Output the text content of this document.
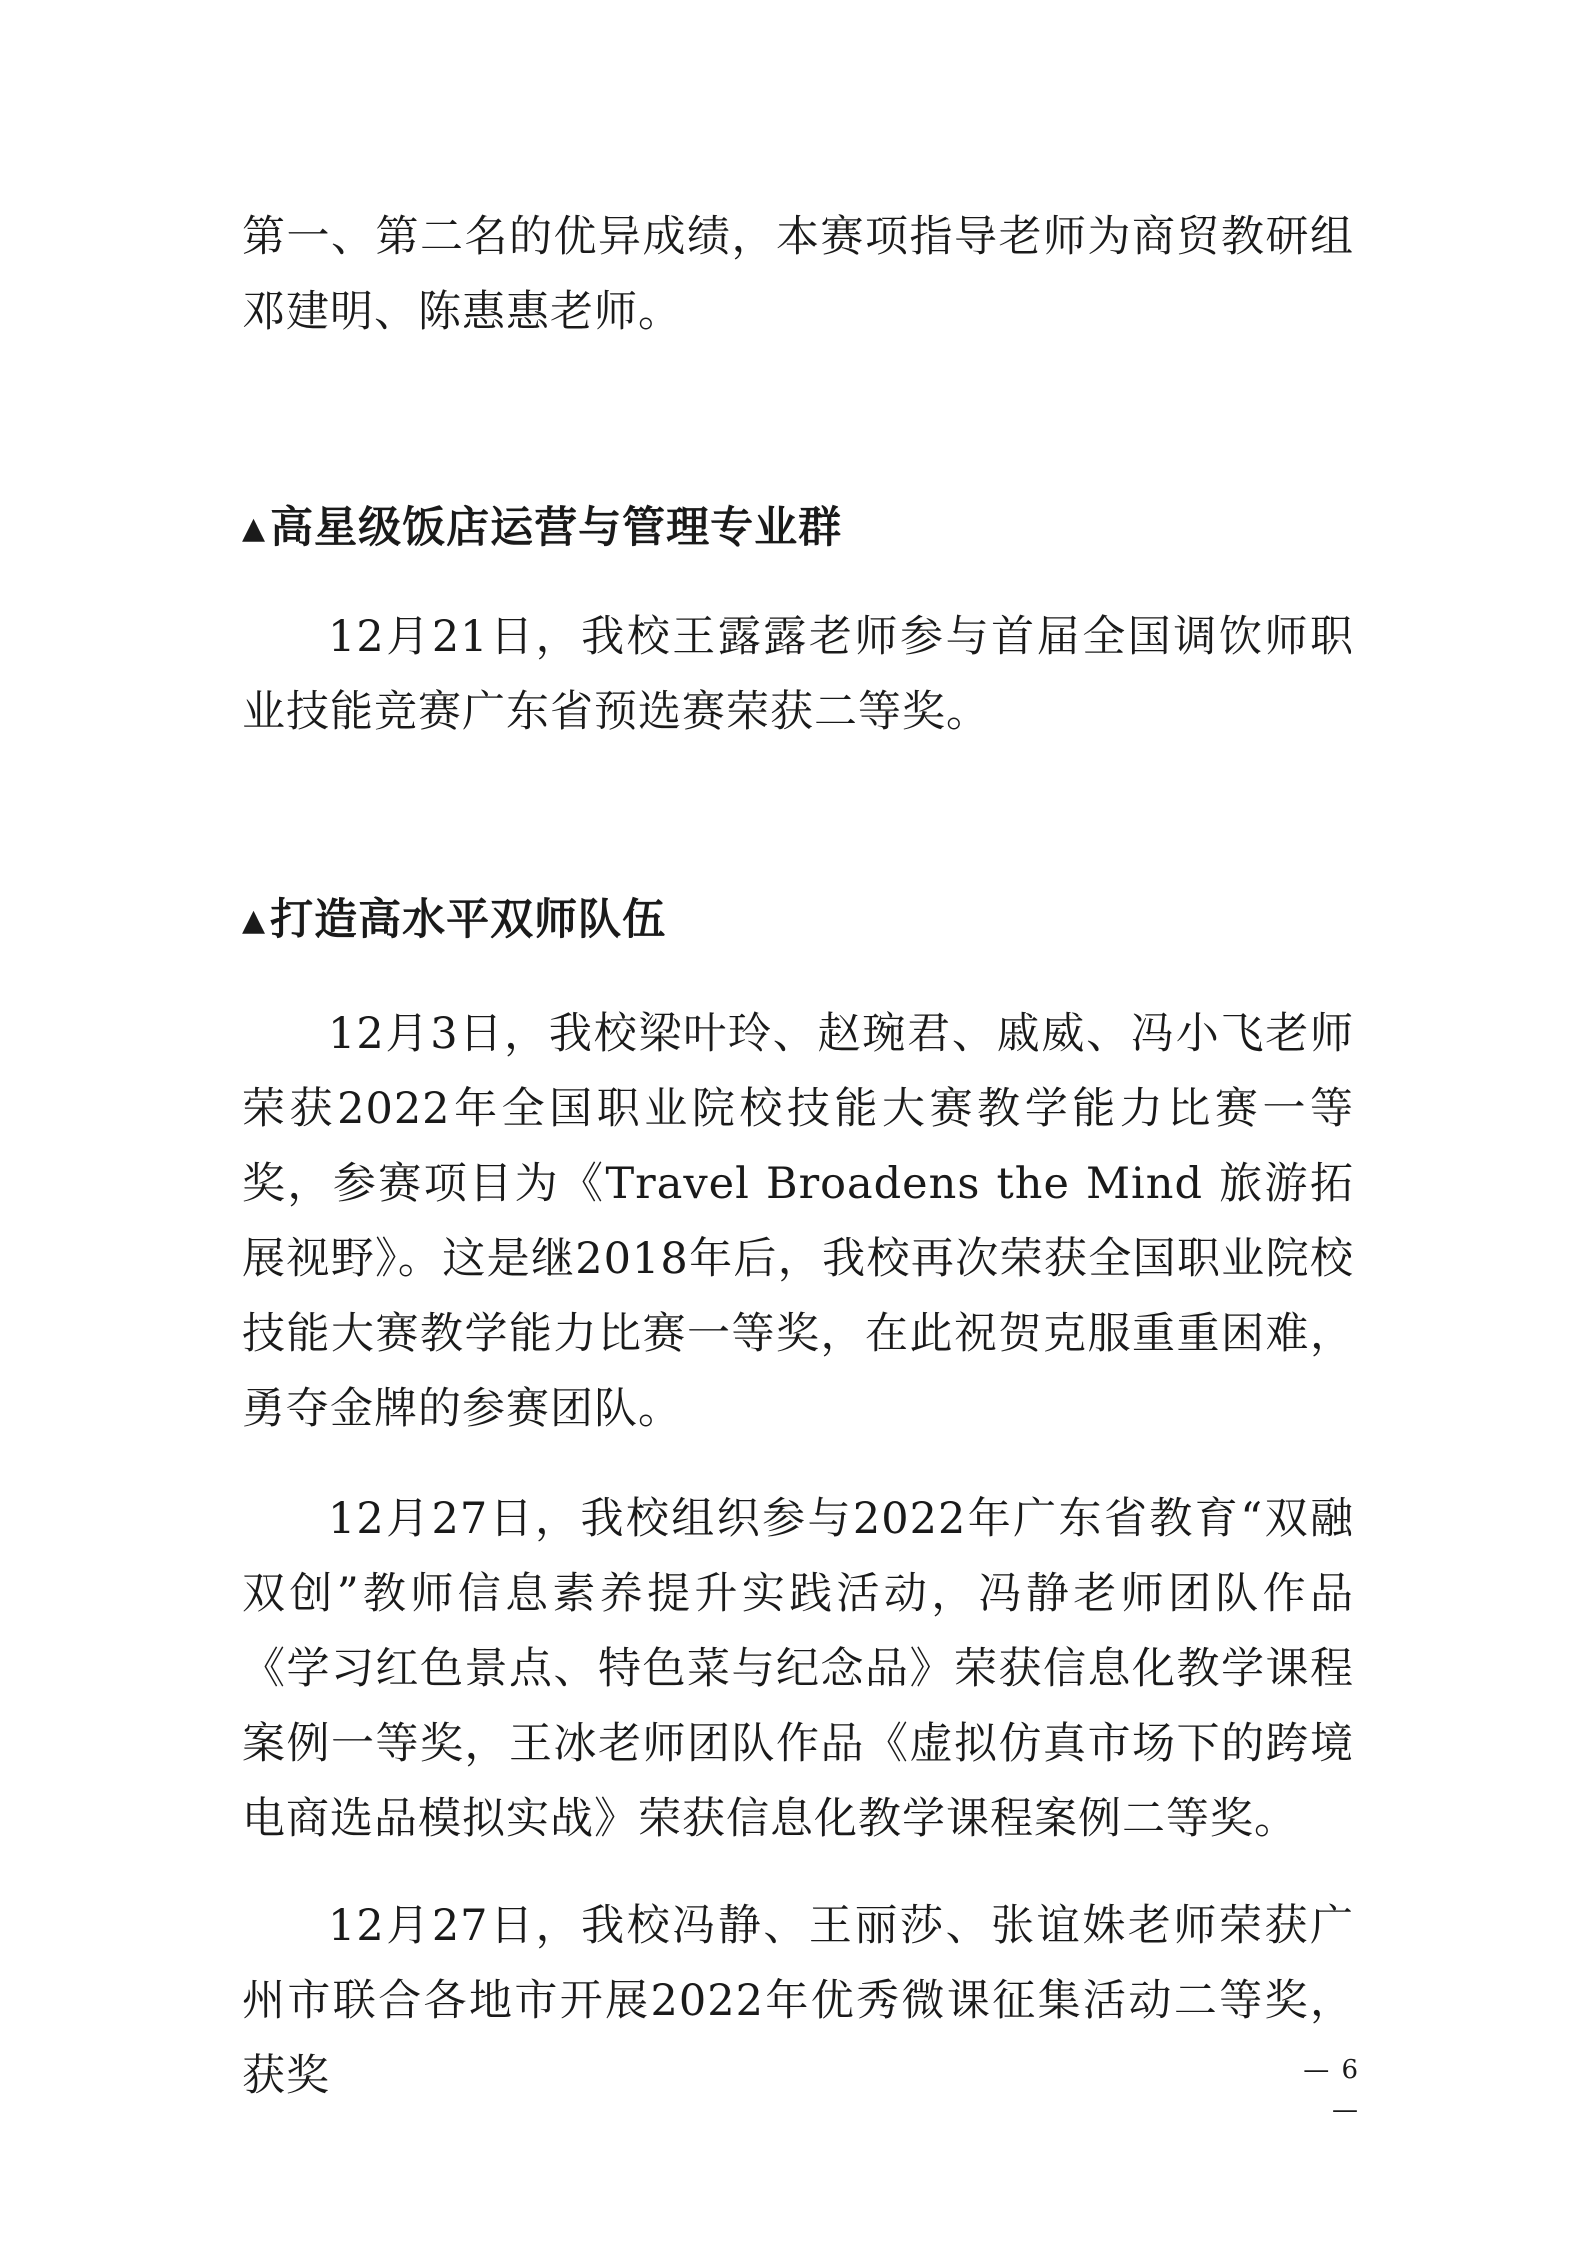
第一、第二名的优异成绩，本赛项指导老师为商贸教研组邓建明、陈惠惠老师。

▲高星级饭店运营与管理专业群

12月21日，我校王露露老师参与首届全国调饮师职业技能竞赛广东省预选赛荣获二等奖。

▲打造高水平双师队伍

12月3日，我校梁叶玲、赵琬君、戚威、冯小飞老师荣获2022年全国职业院校技能大赛教学能力比赛一等奖，参赛项目为《Travel Broadens the Mind 旅游拓展视野》。这是继2018年后，我校再次荣获全国职业院校技能大赛教学能力比赛一等奖，在此祝贺克服重重困难，勇夺金牌的参赛团队。

12月27日，我校组织参与2022年广东省教育“双融双创”教师信息素养提升实践活动，冯静老师团队作品《学习红色景点、特色菜与纪念品》荣获信息化教学课程案例一等奖，王冰老师团队作品《虚拟仿真市场下的跨境电商选品模拟实战》荣获信息化教学课程案例二等奖。

12月27日，我校冯静、王丽莎、张谊姝老师荣获广州市联合各地市开展2022年优秀微课征集活动二等奖，获奖	— 6 —
